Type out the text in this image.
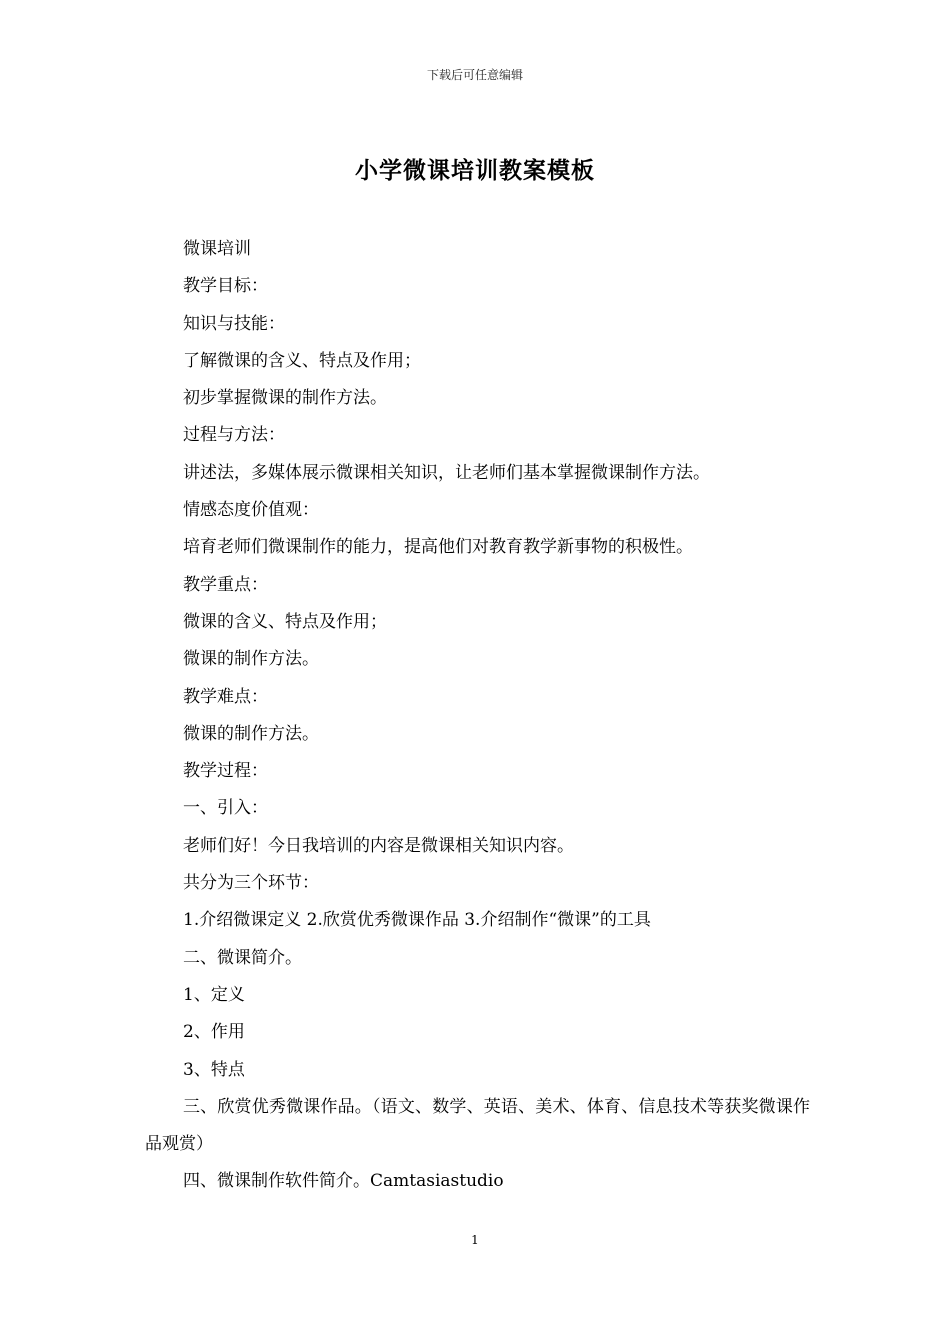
下载后可任意编辑
小学微课培训教案模板
微课培训
教学目标：
知识与技能：
了解微课的含义、特点及作用；
初步掌握微课的制作方法。
过程与方法：
讲述法，多媒体展示微课相关知识，让老师们基本掌握微课制作方法。
情感态度价值观：
培育老师们微课制作的能力，提高他们对教育教学新事物的积极性。
教学重点：
微课的含义、特点及作用；
微课的制作方法。
教学难点：
微课的制作方法。
教学过程：
一、引入：
老师们好！今日我培训的内容是微课相关知识内容。
共分为三个环节：
1.介绍微课定义 2.欣赏优秀微课作品 3.介绍制作“微课”的工具
二、微课简介。
1、定义
2、作用
3、特点
三、欣赏优秀微课作品。（语文、数学、英语、美术、体育、信息技术等获奖微课作品观赏）
四、微课制作软件简介。Camtasiastudio
1
